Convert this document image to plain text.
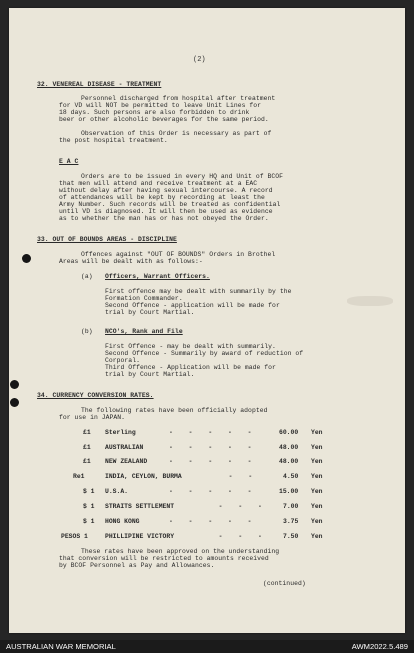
(2)
32. VENEREAL DISEASE - TREATMENT
Personnel discharged from hospital after treatment
for VD will NOT be permitted to leave Unit Lines for
18 days. Such persons are also forbidden to drink
beer or other alcoholic beverages for the same period.
Observation of this Order is necessary as part of
the post hospital treatment.
E A C
Orders are to be issued in every HQ and Unit of BCOF
that men will attend and receive treatment at a EAC
without delay after having sexual intercourse. A record
of attendances will be kept by recording at least the
Army Number. Such records will be treated as confidential
until VD is diagnosed. It will then be used as evidence
as to whether the man has or has not obeyed the Order.
33. OUT OF BOUNDS AREAS - DISCIPLINE
Offences against "OUT OF BOUNDS" Orders in Brothel
Areas will be dealt with as follows:-
(a) Officers, Warrant Officers.
First offence may be dealt with summarily by the
Formation Commander.
Second Offence - application will be made for
trial by Court Martial.
(b) NCO's, Rank and File
First Offence - may be dealt with summarily.
Second Offence - Summarily by award of reduction of
Corporal.
Third Offence - Application will be made for
trial by Court Martial.
34. CURRENCY CONVERSION RATES.
The following rates have been officially adopted
for use in JAPAN.
£1 Sterling	- - - - -	60.00 Yen
£1 AUSTRALIAN	- - - - -	48.00 Yen
£1 NEW ZEALAND	- - - - -	48.00 Yen
Re1	INDIA, CEYLON, BURMA	- -	4.50 Yen
$ 1 U.S.A.	- - - - -	15.00 Yen
$ 1 STRAITS SETTLEMENT	- - - 7.00 Yen
$ 1 HONG KONG	- - - - -	3.75 Yen
PESOS 1	PHILLIPINE VICTORY	- - - 7.50 Yen
These rates have been approved on the understanding
that conversion will be restricted to amounts received
by BCOF Personnel as Pay and Allowances.
(continued)
AUSTRALIAN WAR MEMORIAL	AWM2022.5.489
